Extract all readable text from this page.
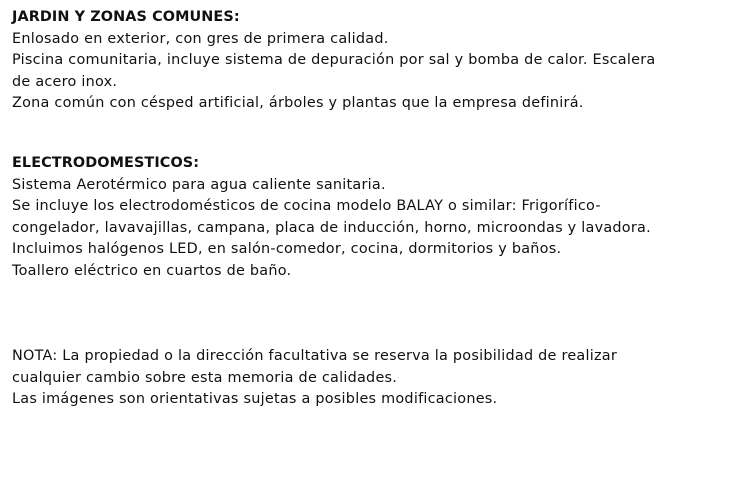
JARDIN Y ZONAS COMUNES:

Enlosado en exterior, con gres de primera calidad.

Piscina comunitaria, incluye sistema de depuración por sal y bomba de calor. Escalera

de acero inox.

Zona común con césped artificial, árboles y plantas que la empresa definirá.

ELECTRODOMESTICOS:

Sistema Aerotérmico para agua caliente sanitaria.

Se incluye los electrodomésticos de cocina modelo BALAY o similar: Frigorífico-

congelador, lavavajillas, campana, placa de inducción, horno, microondas y lavadora.

Incluimos halógenos LED, en salón-comedor, cocina, dormitorios y baños.

Toallero eléctrico en cuartos de baño.

NOTA: La propiedad o la dirección facultativa se reserva la posibilidad de realizar

cualquier cambio sobre esta memoria de calidades.

Las imágenes son orientativas sujetas a posibles modificaciones.
